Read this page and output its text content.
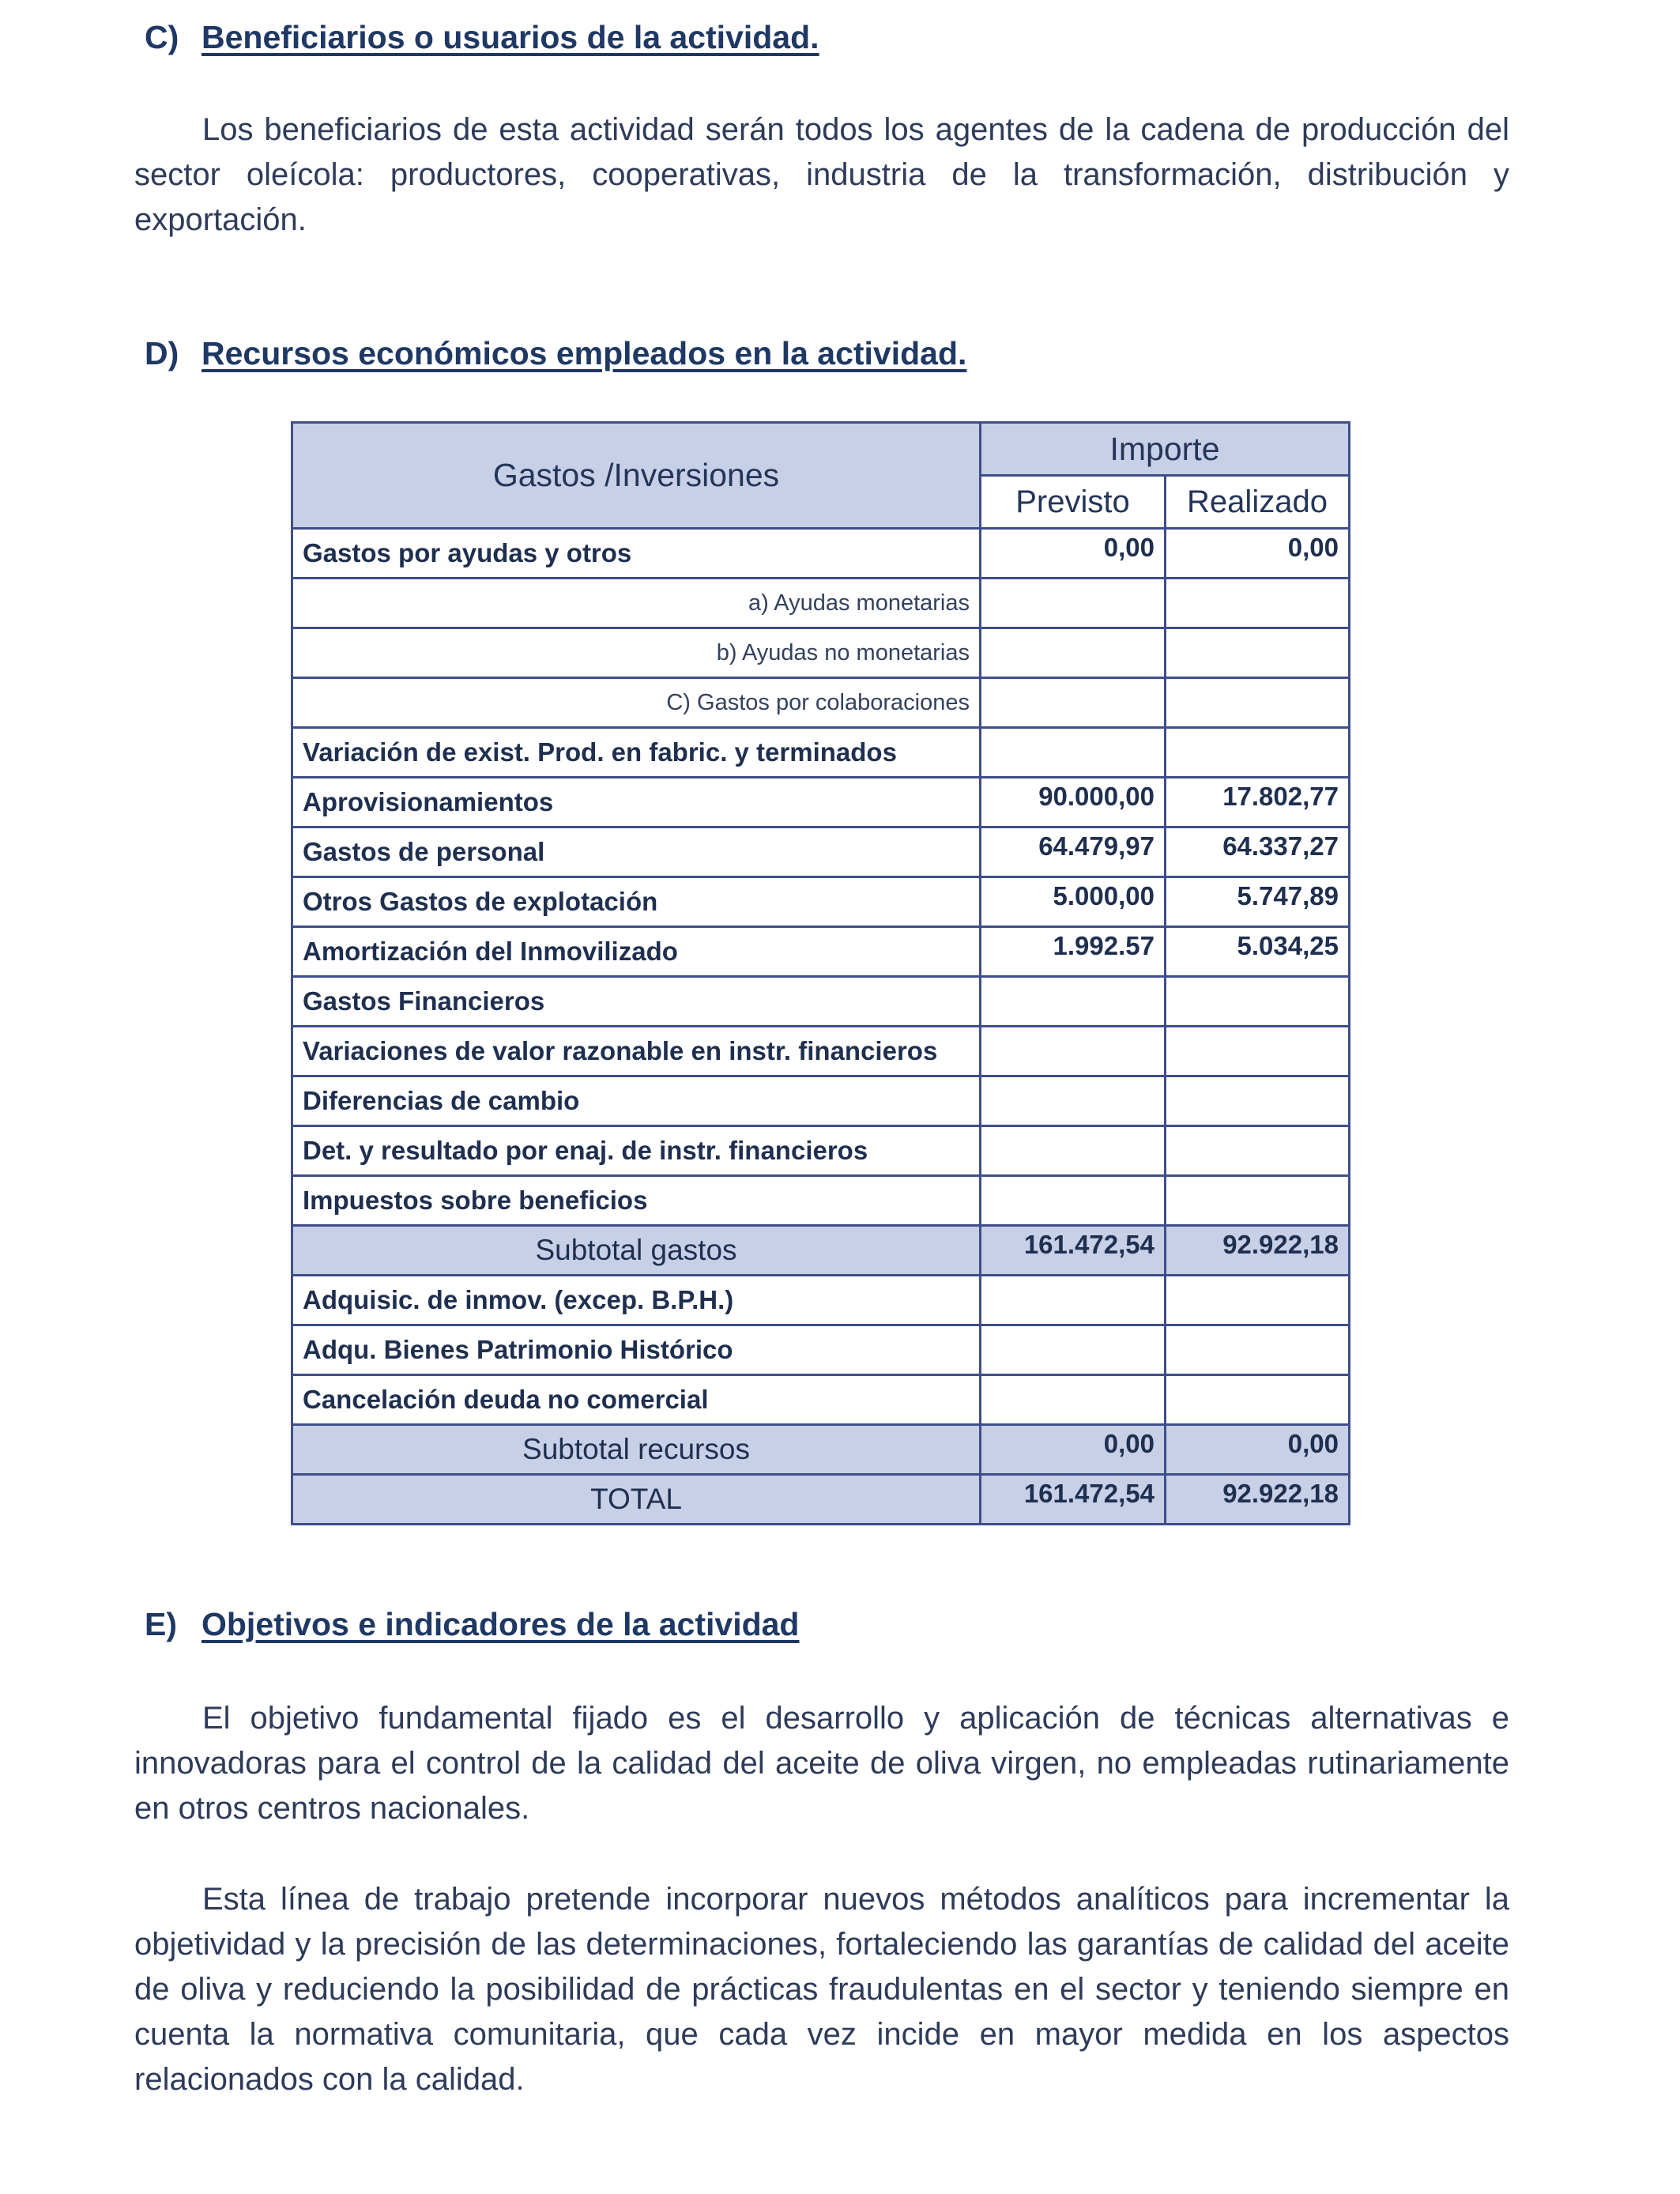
C) Beneficiarios o usuarios de la actividad.

Los beneficiarios de esta actividad serán todos los agentes de la cadena de producción del sector oleícola: productores, cooperativas, industria de la transformación, distribución y exportación.

D) Recursos económicos empleados en la actividad.
Gastos /Inversiones	Importe	
	Previsto	Realizado
Gastos por ayudas y otros	0,00	0,00
a) Ayudas monetarias		
b) Ayudas no monetarias		
C) Gastos por colaboraciones		
Variación de exist. Prod. en fabric. y terminados		
Aprovisionamientos	90.000,00	17.802,77
Gastos de personal	64.479,97	64.337,27
Otros Gastos de explotación	5.000,00	5.747,89
Amortización del Inmovilizado	1.992.57	5.034,25
Gastos Financieros		
Variaciones de valor razonable en instr. financieros		
Diferencias de cambio		
Det. y resultado por enaj. de instr. financieros		
Impuestos sobre beneficios		
Subtotal gastos	161.472,54	92.922,18
Adquisic. de inmov. (excep. B.P.H.)		
Adqu. Bienes Patrimonio Histórico		
Cancelación deuda no comercial		
Subtotal recursos	0,00	0,00
TOTAL	161.472,54	92.922,18
E) Objetivos e indicadores de la actividad

El objetivo fundamental fijado es el desarrollo y aplicación de técnicas alternativas e innovadoras para el control de la calidad del aceite de oliva virgen, no empleadas rutinariamente en otros centros nacionales.

Esta línea de trabajo pretende incorporar nuevos métodos analíticos para incrementar la objetividad y la precisión de las determinaciones, fortaleciendo las garantías de calidad del aceite de oliva y reduciendo la posibilidad de prácticas fraudulentas en el sector y teniendo siempre en cuenta la normativa comunitaria, que cada vez incide en mayor medida en los aspectos relacionados con la calidad.
